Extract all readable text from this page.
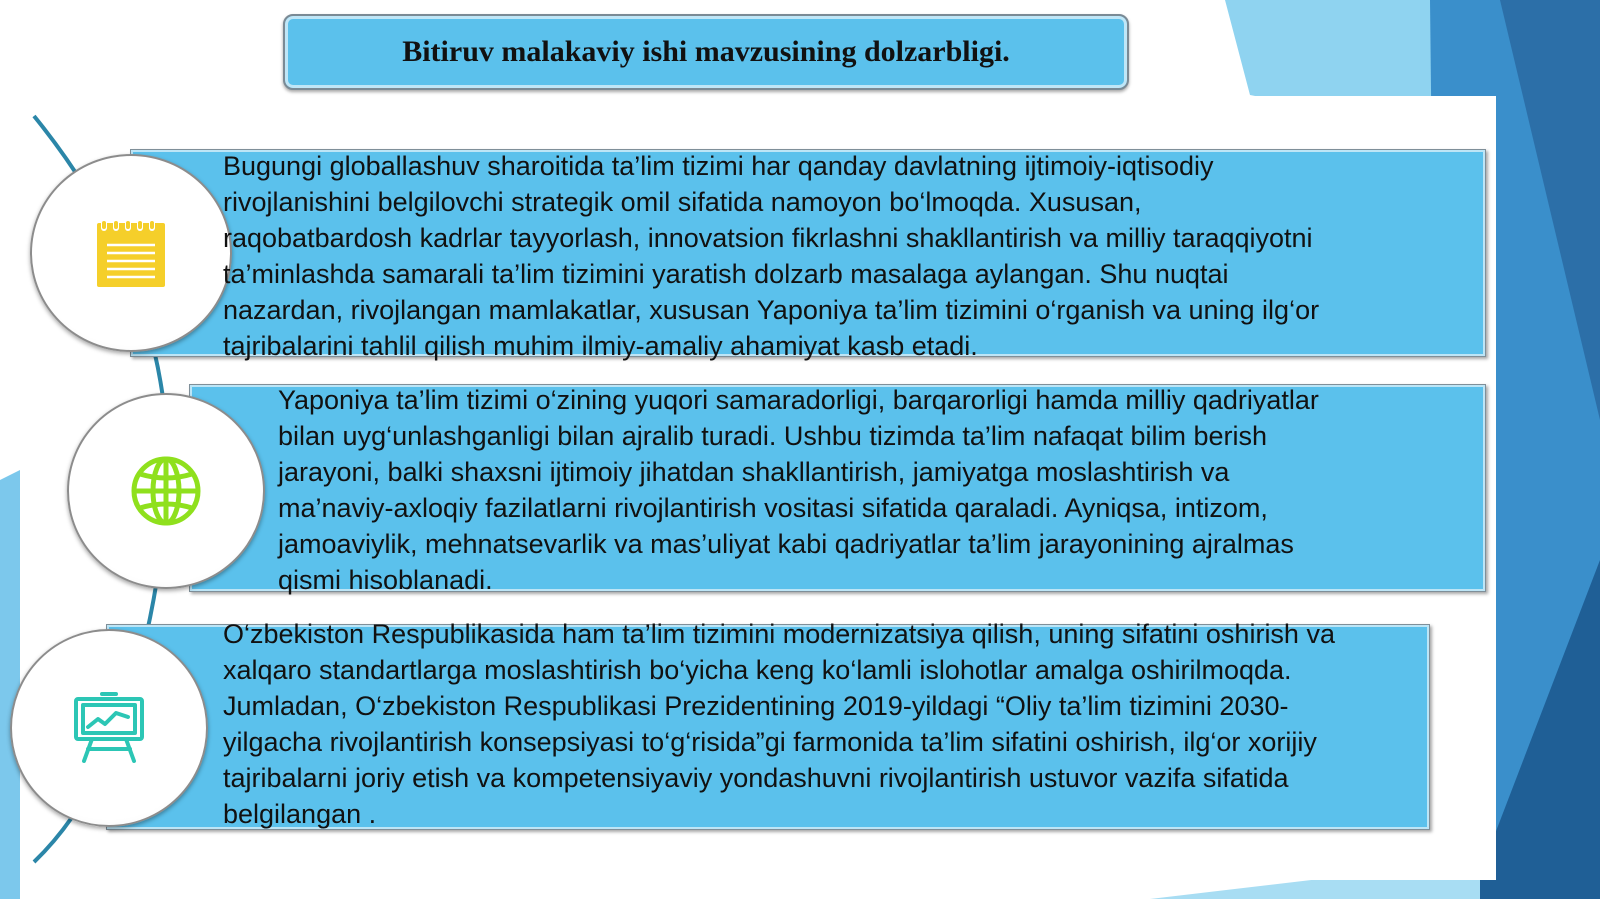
Bitiruv malakaviy ishi mavzusining dolzarbligi.
Bugungi globallashuv sharoitida ta’lim tizimi har qanday davlatning ijtimoiy-iqtisodiy
rivojlanishini belgilovchi strategik omil sifatida namoyon bo‘lmoqda. Xususan,
raqobatbardosh kadrlar tayyorlash, innovatsion fikrlashni shakllantirish va milliy taraqqiyotni
ta’minlashda samarali ta’lim tizimini yaratish dolzarb masalaga aylangan. Shu nuqtai
nazardan, rivojlangan mamlakatlar, xususan Yaponiya ta’lim tizimini o‘rganish va uning ilg‘or
tajribalarini tahlil qilish muhim ilmiy-amaliy ahamiyat kasb etadi.
Yaponiya ta’lim tizimi o‘zining yuqori samaradorligi, barqarorligi hamda milliy qadriyatlar
bilan uyg‘unlashganligi bilan ajralib turadi. Ushbu tizimda ta’lim nafaqat bilim berish
jarayoni, balki shaxsni ijtimoiy jihatdan shakllantirish, jamiyatga moslashtirish va
ma’naviy-axloqiy fazilatlarni rivojlantirish vositasi sifatida qaraladi. Ayniqsa, intizom,
jamoaviylik, mehnatsevarlik va mas’uliyat kabi qadriyatlar ta’lim jarayonining ajralmas
qismi hisoblanadi.
O‘zbekiston Respublikasida ham ta’lim tizimini modernizatsiya qilish, uning sifatini oshirish va
xalqaro standartlarga moslashtirish bo‘yicha keng ko‘lamli islohotlar amalga oshirilmoqda.
Jumladan, O‘zbekiston Respublikasi Prezidentining 2019-yildagi “Oliy ta’lim tizimini 2030-
yilgacha rivojlantirish konsepsiyasi to‘g‘risida”gi farmonida ta’lim sifatini oshirish, ilg‘or xorijiy
tajribalarni joriy etish va kompetensiyaviy yondashuvni rivojlantirish ustuvor vazifa sifatida
belgilangan .
